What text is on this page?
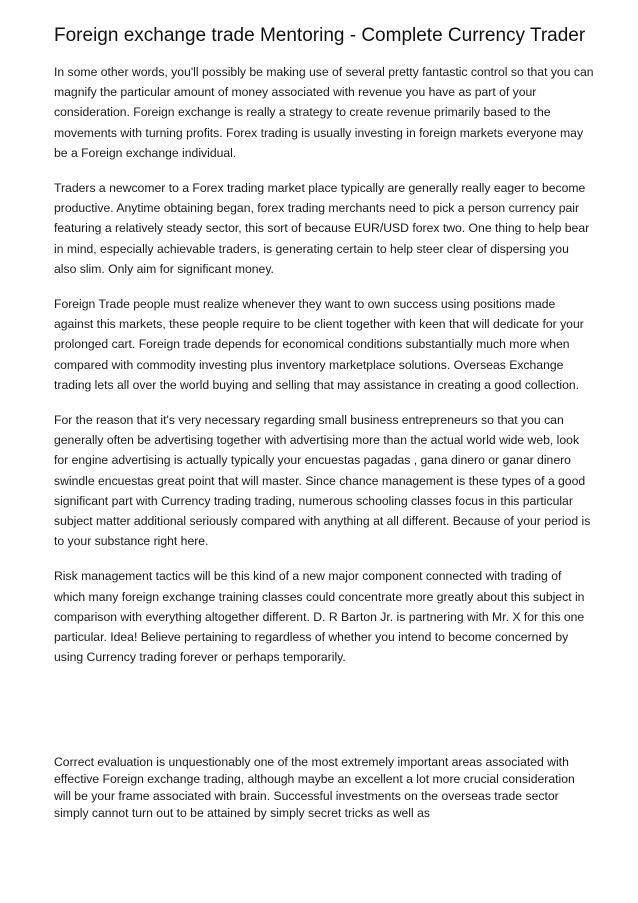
Foreign exchange trade Mentoring - Complete Currency Trader

In some other words, you'll possibly be making use of several pretty fantastic control so that you can magnify the particular amount of money associated with revenue you have as part of your consideration. Foreign exchange is really a strategy to create revenue primarily based to the movements with turning profits. Forex trading is usually investing in foreign markets everyone may be a Foreign exchange individual.

Traders a newcomer to a Forex trading market place typically are generally really eager to become productive. Anytime obtaining began, forex trading merchants need to pick a person currency pair featuring a relatively steady sector, this sort of because EUR/USD forex two. One thing to help bear in mind, especially achievable traders, is generating certain to help steer clear of dispersing you also slim. Only aim for significant money.

Foreign Trade people must realize whenever they want to own success using positions made against this markets, these people require to be client together with keen that will dedicate for your prolonged cart. Foreign trade depends for economical conditions substantially much more when compared with commodity investing plus inventory marketplace solutions. Overseas Exchange trading lets all over the world buying and selling that may assistance in creating a good collection.

For the reason that it's very necessary regarding small business entrepreneurs so that you can generally often be advertising together with advertising more than the actual world wide web, look for engine advertising is actually typically your encuestas pagadas , gana dinero or ganar dinero swindle encuestas great point that will master. Since chance management is these types of a good significant part with Currency trading trading, numerous schooling classes focus in this particular subject matter additional seriously compared with anything at all different. Because of your period is to your substance right here.

Risk management tactics will be this kind of a new major component connected with trading of which many foreign exchange training classes could concentrate more greatly about this subject in comparison with everything altogether different. D. R Barton Jr. is partnering with Mr. X for this one particular. Idea! Believe pertaining to regardless of whether you intend to become concerned by using Currency trading forever or perhaps temporarily.

Correct evaluation is unquestionably one of the most extremely important areas associated with effective Foreign exchange trading, although maybe an excellent a lot more crucial consideration will be your frame associated with brain. Successful investments on the overseas trade sector simply cannot turn out to be attained by simply secret tricks as well as
